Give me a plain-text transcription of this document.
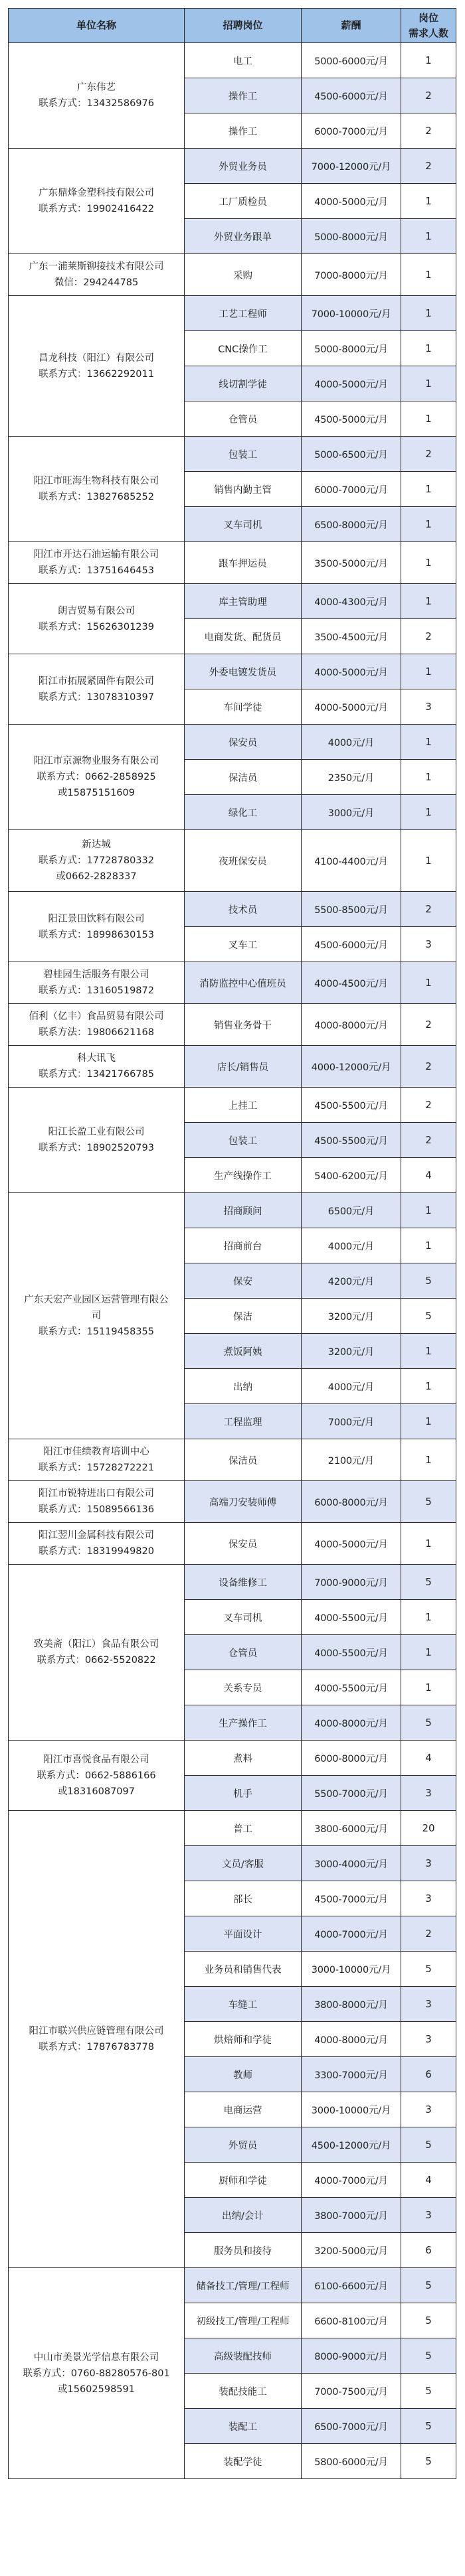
单位名称	招聘岗位	薪酬	岗位
需求人数

广东伟艺
联系方式：13432586976	电工	5000-6000元/月	1
	操作工	4500-6000元/月	2
	操作工	6000-7000元/月	2

广东鼎烽金塑科技有限公司
联系方式：19902416422	外贸业务员	7000-12000元/月	2
	工厂质检员	4000-5000元/月	1
	外贸业务跟单	5000-8000元/月	1

广东一浦莱斯铆接技术有限公司
微信：294244785	采购	7000-8000元/月	1

昌龙科技（阳江）有限公司
联系方式：13662292011	工艺工程师	7000-10000元/月	1
	CNC操作工	5000-8000元/月	1
	线切割学徒	4000-5000元/月	1
	仓管员	4500-5000元/月	1

阳江市旺海生物科技有限公司
联系方式：13827685252	包装工	5000-6500元/月	2
	销售内勤主管	6000-7000元/月	1
	叉车司机	6500-8000元/月	1

阳江市开达石油运输有限公司
联系方式：13751646453	跟车押运员	3500-5000元/月	1

朗吉贸易有限公司
联系方式：15626301239	库主管助理	4000-4300元/月	1
	电商发货、配货员	3500-4500元/月	2

阳江市拓展紧固件有限公司
联系方式：13078310397	外委电镀发货员	4000-5000元/月	1
	车间学徒	4000-5000元/月	3

阳江市京源物业服务有限公司
联系方式：0662-2858925
或15875151609	保安员	4000元/月	1
	保洁员	2350元/月	1
	绿化工	3000元/月	1

新达城
联系方式：17728780332
或0662-2828337	夜班保安员	4100-4400元/月	1

阳江景田饮料有限公司
联系方式：18998630153	技术员	5500-8500元/月	2
	叉车工	4500-6000元/月	3

碧桂园生活服务有限公司
联系方式：13160519872	消防监控中心值班员	4000-4500元/月	1

佰利（亿丰）食品贸易有限公司
联系方法：19806621168	销售业务骨干	4000-8000元/月	2

科大讯飞
联系方式：13421766785	店长/销售员	4000-12000元/月	2

阳江长盈工业有限公司
联系方式：18902520793	上挂工	4500-5500元/月	2
	包装工	4500-5500元/月	2
	生产线操作工	5400-6200元/月	4

广东天宏产业园区运营管理有限公
司
联系方式：15119458355	招商顾问	6500元/月	1
	招商前台	4000元/月	1
	保安	4200元/月	5
	保洁	3200元/月	5
	煮饭阿姨	3200元/月	1
	出纳	4000元/月	1
	工程监理	7000元/月	1

阳江市佳绩教育培训中心
联系方式：15728272221	保洁员	2100元/月	1

阳江市锐特进出口有限公司
联系方式：15089566136	高端刀安装师傅	6000-8000元/月	5

阳江翌川金属科技有限公司
联系方式：18319949820	保安员	4000-5000元/月	1

致美斋（阳江）食品有限公司
联系方式：0662-5520822	设备维修工	7000-9000元/月	5
	叉车司机	4000-5500元/月	1
	仓管员	4000-5500元/月	1
	关系专员	4000-5500元/月	1
	生产操作工	4000-8000元/月	5

阳江市喜悦食品有限公司
联系方式：0662-5886166
或18316087097	煮料	6000-8000元/月	4
	机手	5500-7000元/月	3

阳江市联兴供应链管理有限公司
联系方式：17876783778	普工	3800-6000元/月	20
	文员/客服	3000-4000元/月	3
	部长	4500-7000元/月	3
	平面设计	4000-7000元/月	2
	业务员和销售代表	3000-10000元/月	5
	车缝工	3800-8000元/月	3
	烘焙师和学徒	4000-8000元/月	3
	教师	3300-7000元/月	6
	电商运营	3000-10000元/月	3
	外贸员	4500-12000元/月	5
	厨师和学徒	4000-7000元/月	4
	出纳/会计	3800-7000元/月	3
	服务员和接待	3200-5000元/月	6

中山市美景光学信息有限公司
联系方式：0760-88280576-801
或15602598591	储备技工/管理/工程师	6100-6600元/月	5
	初级技工/管理/工程师	6600-8100元/月	5
	高级装配技师	8000-9000元/月	5
	装配技能工	7000-7500元/月	5
	装配工	6500-7000元/月	5
	装配学徒	5800-6000元/月	5
